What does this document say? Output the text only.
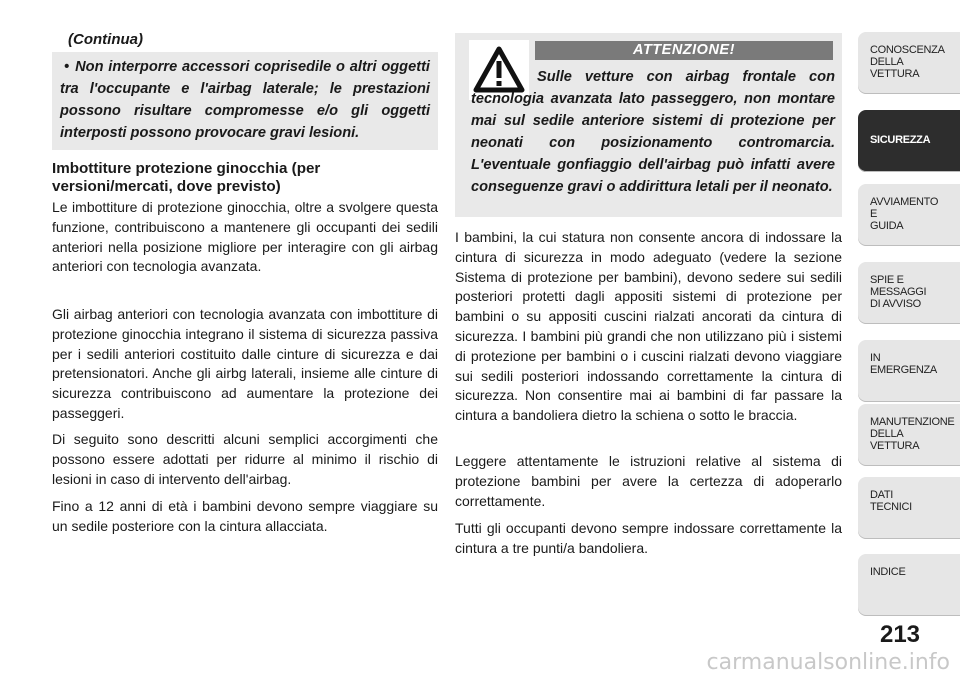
(Continua)
• Non interporre accessori coprisedile o altri oggetti tra l'occupante e l'airbag laterale; le prestazioni possono risultare compromesse e/o gli oggetti interposti possono provocare gravi lesioni.
Imbottiture protezione ginocchia (per versioni/mercati, dove previsto)
Le imbottiture di protezione ginocchia, oltre a svolgere questa funzione, contribuiscono a mantenere gli occupanti dei sedili anteriori nella posizione migliore per interagire con gli airbag anteriori con tecnologia avanzata.
Gli airbag anteriori con tecnologia avanzata con imbottiture di protezione ginocchia integrano il sistema di sicurezza passiva per i sedili anteriori costituito dalle cinture di sicurezza e dai pretensionatori. Anche gli airbg laterali, insieme alle cinture di sicurezza contribuiscono ad aumentare la protezione dei passeggeri.
Di seguito sono descritti alcuni semplici accorgimenti che possono essere adottati per ridurre al minimo il rischio di lesioni in caso di intervento dell'airbag.
Fino a 12 anni di età i bambini devono sempre viaggiare su un sedile posteriore con la cintura allacciata.
ATTENZIONE!
Sulle vetture con airbag frontale con tecnologia avanzata lato passeggero, non montare mai sul sedile anteriore sistemi di protezione per neonati con posizionamento contromarcia. L'eventuale gonfiaggio dell'airbag può infatti avere conseguenze gravi o addirittura letali per il neonato.
I bambini, la cui statura non consente ancora di indossare la cintura di sicurezza in modo adeguato (vedere la sezione Sistema di protezione per bambini), devono sedere sui sedili posteriori protetti dagli appositi sistemi di protezione per bambini o su appositi cuscini rialzati ancorati da cintura di sicurezza. I bambini più grandi che non utilizzano più i sistemi di protezione per bambini o i cuscini rialzati devono viaggiare sui sedili posteriori indossando correttamente la cintura di sicurezza. Non consentire mai ai bambini di far passare la cintura a bandoliera dietro la schiena o sotto le braccia.
Leggere attentamente le istruzioni relative al sistema di protezione bambini per avere la certezza di adoperarlo correttamente.
Tutti gli occupanti devono sempre indossare correttamente la cintura a tre punti/a bandoliera.
CONOSCENZA
DELLA
VETTURA
SICUREZZA
AVVIAMENTO
E
GUIDA
SPIE E
MESSAGGI
DI AVVISO
IN
EMERGENZA
MANUTENZIONE
DELLA
VETTURA
DATI
TECNICI
INDICE
213
carmanualsonline.info
